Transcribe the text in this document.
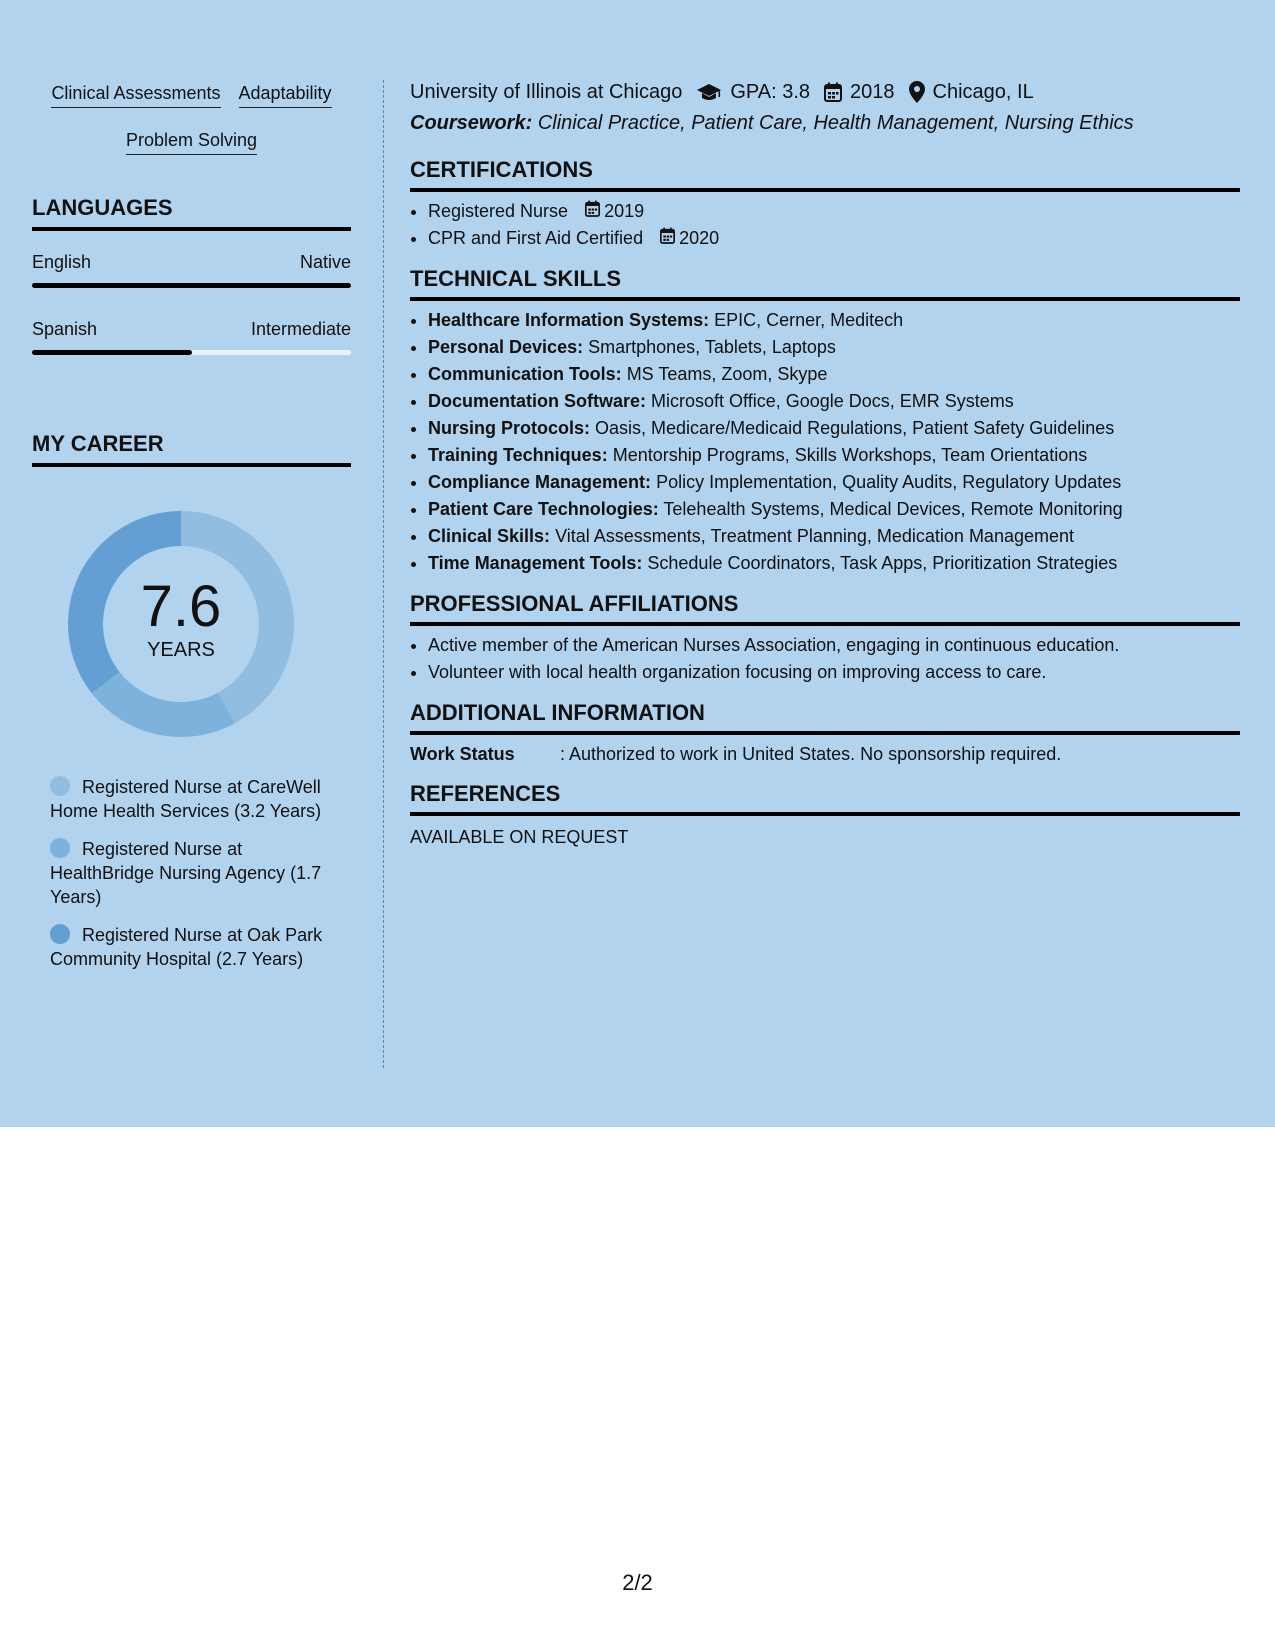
Clinical Assessments Adaptability
Problem Solving
LANGUAGES
English	Native
Spanish	Intermediate
MY CAREER
7.6
YEARS
Registered Nurse at CareWell Home Health Services (3.2 Years)
Registered Nurse at HealthBridge Nursing Agency (1.7 Years)
Registered Nurse at Oak Park Community Hospital (2.7 Years)
University of Illinois at Chicago GPA: 3.8 2018 Chicago, IL
Coursework: Clinical Practice, Patient Care, Health Management, Nursing Ethics
CERTIFICATIONS
• Registered Nurse 2019
• CPR and First Aid Certified 2020
TECHNICAL SKILLS
• Healthcare Information Systems: EPIC, Cerner, Meditech
• Personal Devices: Smartphones, Tablets, Laptops
• Communication Tools: MS Teams, Zoom, Skype
• Documentation Software: Microsoft Office, Google Docs, EMR Systems
• Nursing Protocols: Oasis, Medicare/Medicaid Regulations, Patient Safety Guidelines
• Training Techniques: Mentorship Programs, Skills Workshops, Team Orientations
• Compliance Management: Policy Implementation, Quality Audits, Regulatory Updates
• Patient Care Technologies: Telehealth Systems, Medical Devices, Remote Monitoring
• Clinical Skills: Vital Assessments, Treatment Planning, Medication Management
• Time Management Tools: Schedule Coordinators, Task Apps, Prioritization Strategies
PROFESSIONAL AFFILIATIONS
• Active member of the American Nurses Association, engaging in continuous education.
• Volunteer with local health organization focusing on improving access to care.
ADDITIONAL INFORMATION
Work Status	: Authorized to work in United States. No sponsorship required.
REFERENCES
AVAILABLE ON REQUEST
2/2
